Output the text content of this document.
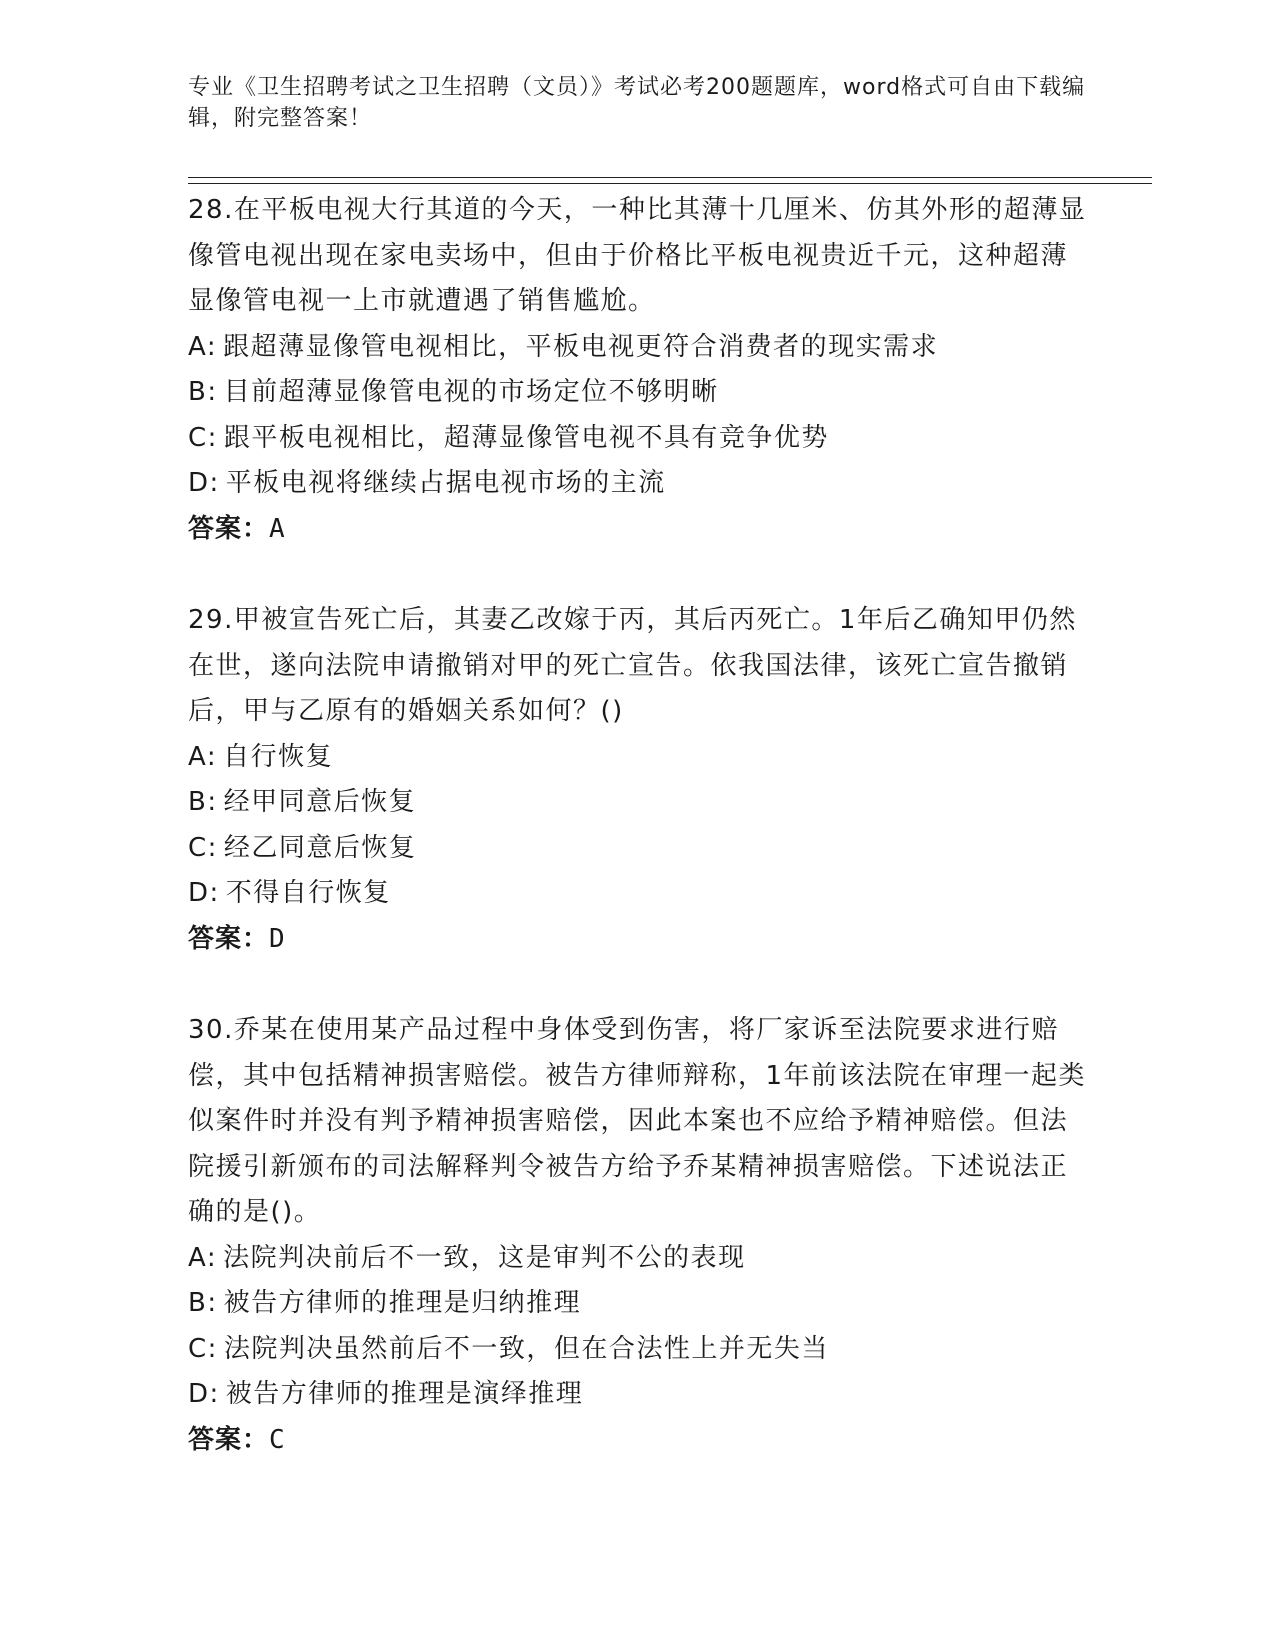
专业《卫生招聘考试之卫生招聘（文员）》考试必考200题题库，word格式可自由下载编辑，附完整答案！
28.在平板电视大行其道的今天，一种比其薄十几厘米、仿其外形的超薄显像管电视出现在家电卖场中，但由于价格比平板电视贵近千元，这种超薄显像管电视一上市就遭遇了销售尴尬。
A: 跟超薄显像管电视相比，平板电视更符合消费者的现实需求
B: 目前超薄显像管电视的市场定位不够明晰
C: 跟平板电视相比，超薄显像管电视不具有竞争优势
D: 平板电视将继续占据电视市场的主流
答案：A
29.甲被宣告死亡后，其妻乙改嫁于丙，其后丙死亡。1年后乙确知甲仍然在世，遂向法院申请撤销对甲的死亡宣告。依我国法律，该死亡宣告撤销后，甲与乙原有的婚姻关系如何？()
A: 自行恢复
B: 经甲同意后恢复
C: 经乙同意后恢复
D: 不得自行恢复
答案：D
30.乔某在使用某产品过程中身体受到伤害，将厂家诉至法院要求进行赔偿，其中包括精神损害赔偿。被告方律师辩称，1年前该法院在审理一起类似案件时并没有判予精神损害赔偿，因此本案也不应给予精神赔偿。但法院援引新颁布的司法解释判令被告方给予乔某精神损害赔偿。下述说法正确的是()。
A: 法院判决前后不一致，这是审判不公的表现
B: 被告方律师的推理是归纳推理
C: 法院判决虽然前后不一致，但在合法性上并无失当
D: 被告方律师的推理是演绎推理
答案：C
